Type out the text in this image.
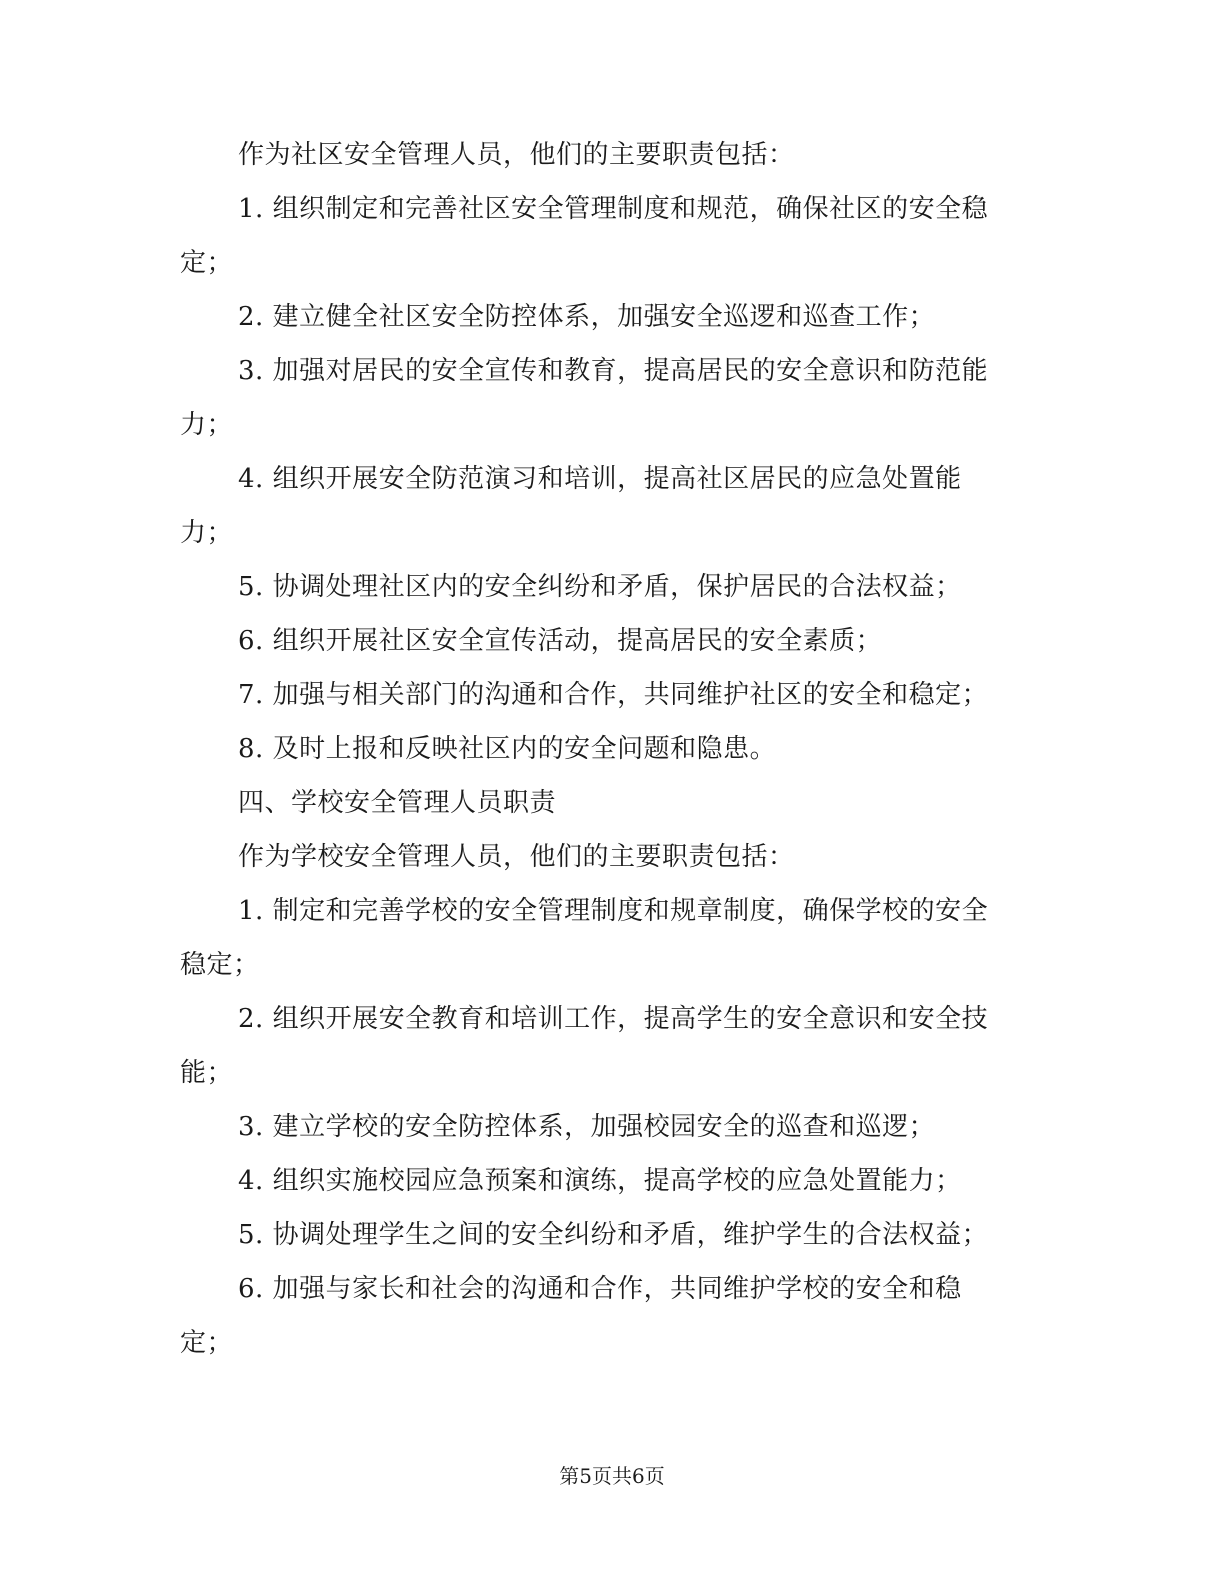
作为社区安全管理人员，他们的主要职责包括：
1. 组织制定和完善社区安全管理制度和规范，确保社区的安全稳
定；
2. 建立健全社区安全防控体系，加强安全巡逻和巡查工作；
3. 加强对居民的安全宣传和教育，提高居民的安全意识和防范能
力；
4. 组织开展安全防范演习和培训，提高社区居民的应急处置能
力；
5. 协调处理社区内的安全纠纷和矛盾，保护居民的合法权益；
6. 组织开展社区安全宣传活动，提高居民的安全素质；
7. 加强与相关部门的沟通和合作，共同维护社区的安全和稳定；
8. 及时上报和反映社区内的安全问题和隐患。
四、学校安全管理人员职责
作为学校安全管理人员，他们的主要职责包括：
1. 制定和完善学校的安全管理制度和规章制度，确保学校的安全
稳定；
2. 组织开展安全教育和培训工作，提高学生的安全意识和安全技
能；
3. 建立学校的安全防控体系，加强校园安全的巡查和巡逻；
4. 组织实施校园应急预案和演练，提高学校的应急处置能力；
5. 协调处理学生之间的安全纠纷和矛盾，维护学生的合法权益；
6. 加强与家长和社会的沟通和合作，共同维护学校的安全和稳
定；
第5页共6页
